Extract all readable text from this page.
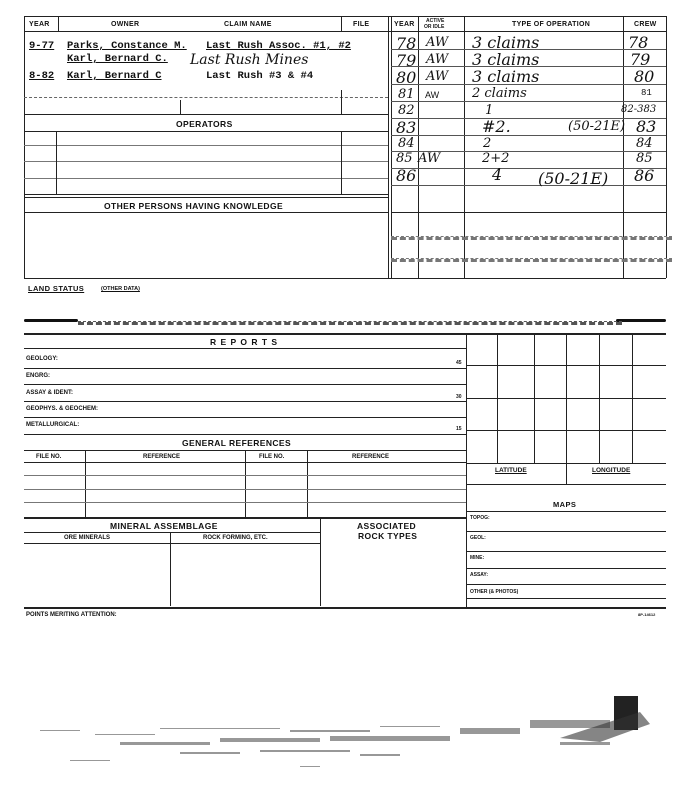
YEAR	OWNER	CLAIM NAME	FILE	YEAR ACTIVE
OR IDLE	TYPE OF OPERATION	CREW
9-77 Parks, Constance M. Last Rush Assoc. #1, #2
Karl, Bernard C. Last Rush Mines
8-82 Karl, Bernard C	Last Rush #3 & #4
OPERATORS
OTHER PERSONS HAVING KNOWLEDGE
78 AW 3 claims	78
79 AW 3 claims	79
80 AW 3 claims	80
81 AW	2 claims	81
82	1	82-383
83	#2.	(50-21E) 83
84	2	84
85 AW	2+2	85
86	4 (50-21E) 86
LAND STATUS	(OTHER DATA)
R E P O R T S
GEOLOGY:
45
ENGRG:
ASSAY & IDENT:
30
GEOPHYS. & GEOCHEM:
METALLURGICAL:
15
GENERAL REFERENCES
FILE NO.	REFERENCE	FILE NO.	REFERENCE
MINERAL ASSEMBLAGE	ASSOCIATED
ROCK TYPES
ORE MINERALS	ROCK FORMING, ETC.
LATITUDE	LONGITUDE
MAPS
TOPOG:
GEOL:
MINE:
ASSAY:
OTHER (& PHOTOS)
POINTS MERITING ATTENTION:	8P-14612
